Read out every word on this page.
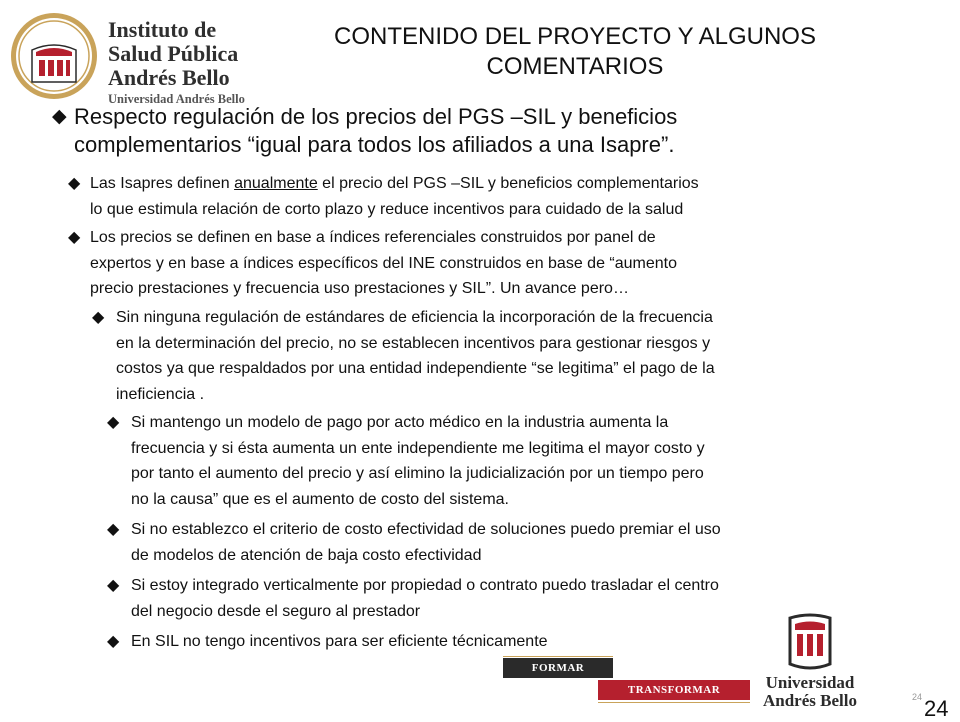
Instituto de
Salud Pública
Andrés Bello
Universidad Andrés Bello
CONTENIDO DEL PROYECTO Y ALGUNOS
COMENTARIOS
◆ Respecto regulación de los precios del PGS –SIL y beneficios
complementarios “igual para todos los afiliados a una Isapre”.
◆ Las Isapres definen anualmente el precio del PGS –SIL y beneficios complementarios
lo que estimula relación de corto plazo y reduce incentivos para cuidado de la salud
◆ Los precios se definen en base a índices referenciales construidos por panel de
expertos y en base a índices específicos del INE construidos en base de “aumento
precio prestaciones y frecuencia uso prestaciones y SIL”. Un avance pero…
◆ Sin ninguna regulación de estándares de eficiencia la incorporación de la frecuencia
en la determinación del precio, no se establecen incentivos para gestionar riesgos y
costos ya que respaldados por una entidad independiente “se legitima” el pago de la
ineficiencia .
◆ Si mantengo un modelo de pago por acto médico en la industria aumenta la
frecuencia y si ésta aumenta un ente independiente me legitima el mayor costo y
por tanto el aumento del precio y así elimino la judicialización por un tiempo pero
no la causa” que es el aumento de costo del sistema.
◆ Si no establezco el criterio de costo efectividad de soluciones puedo premiar el uso
de modelos de atención de baja costo efectividad
◆ Si estoy integrado verticalmente por propiedad o contrato puedo trasladar el centro
del negocio desde el seguro al prestador
◆ En SIL no tengo incentivos para ser eficiente técnicamente
FORMAR
TRANSFORMAR	Universidad
Andrés Bello	24 24
